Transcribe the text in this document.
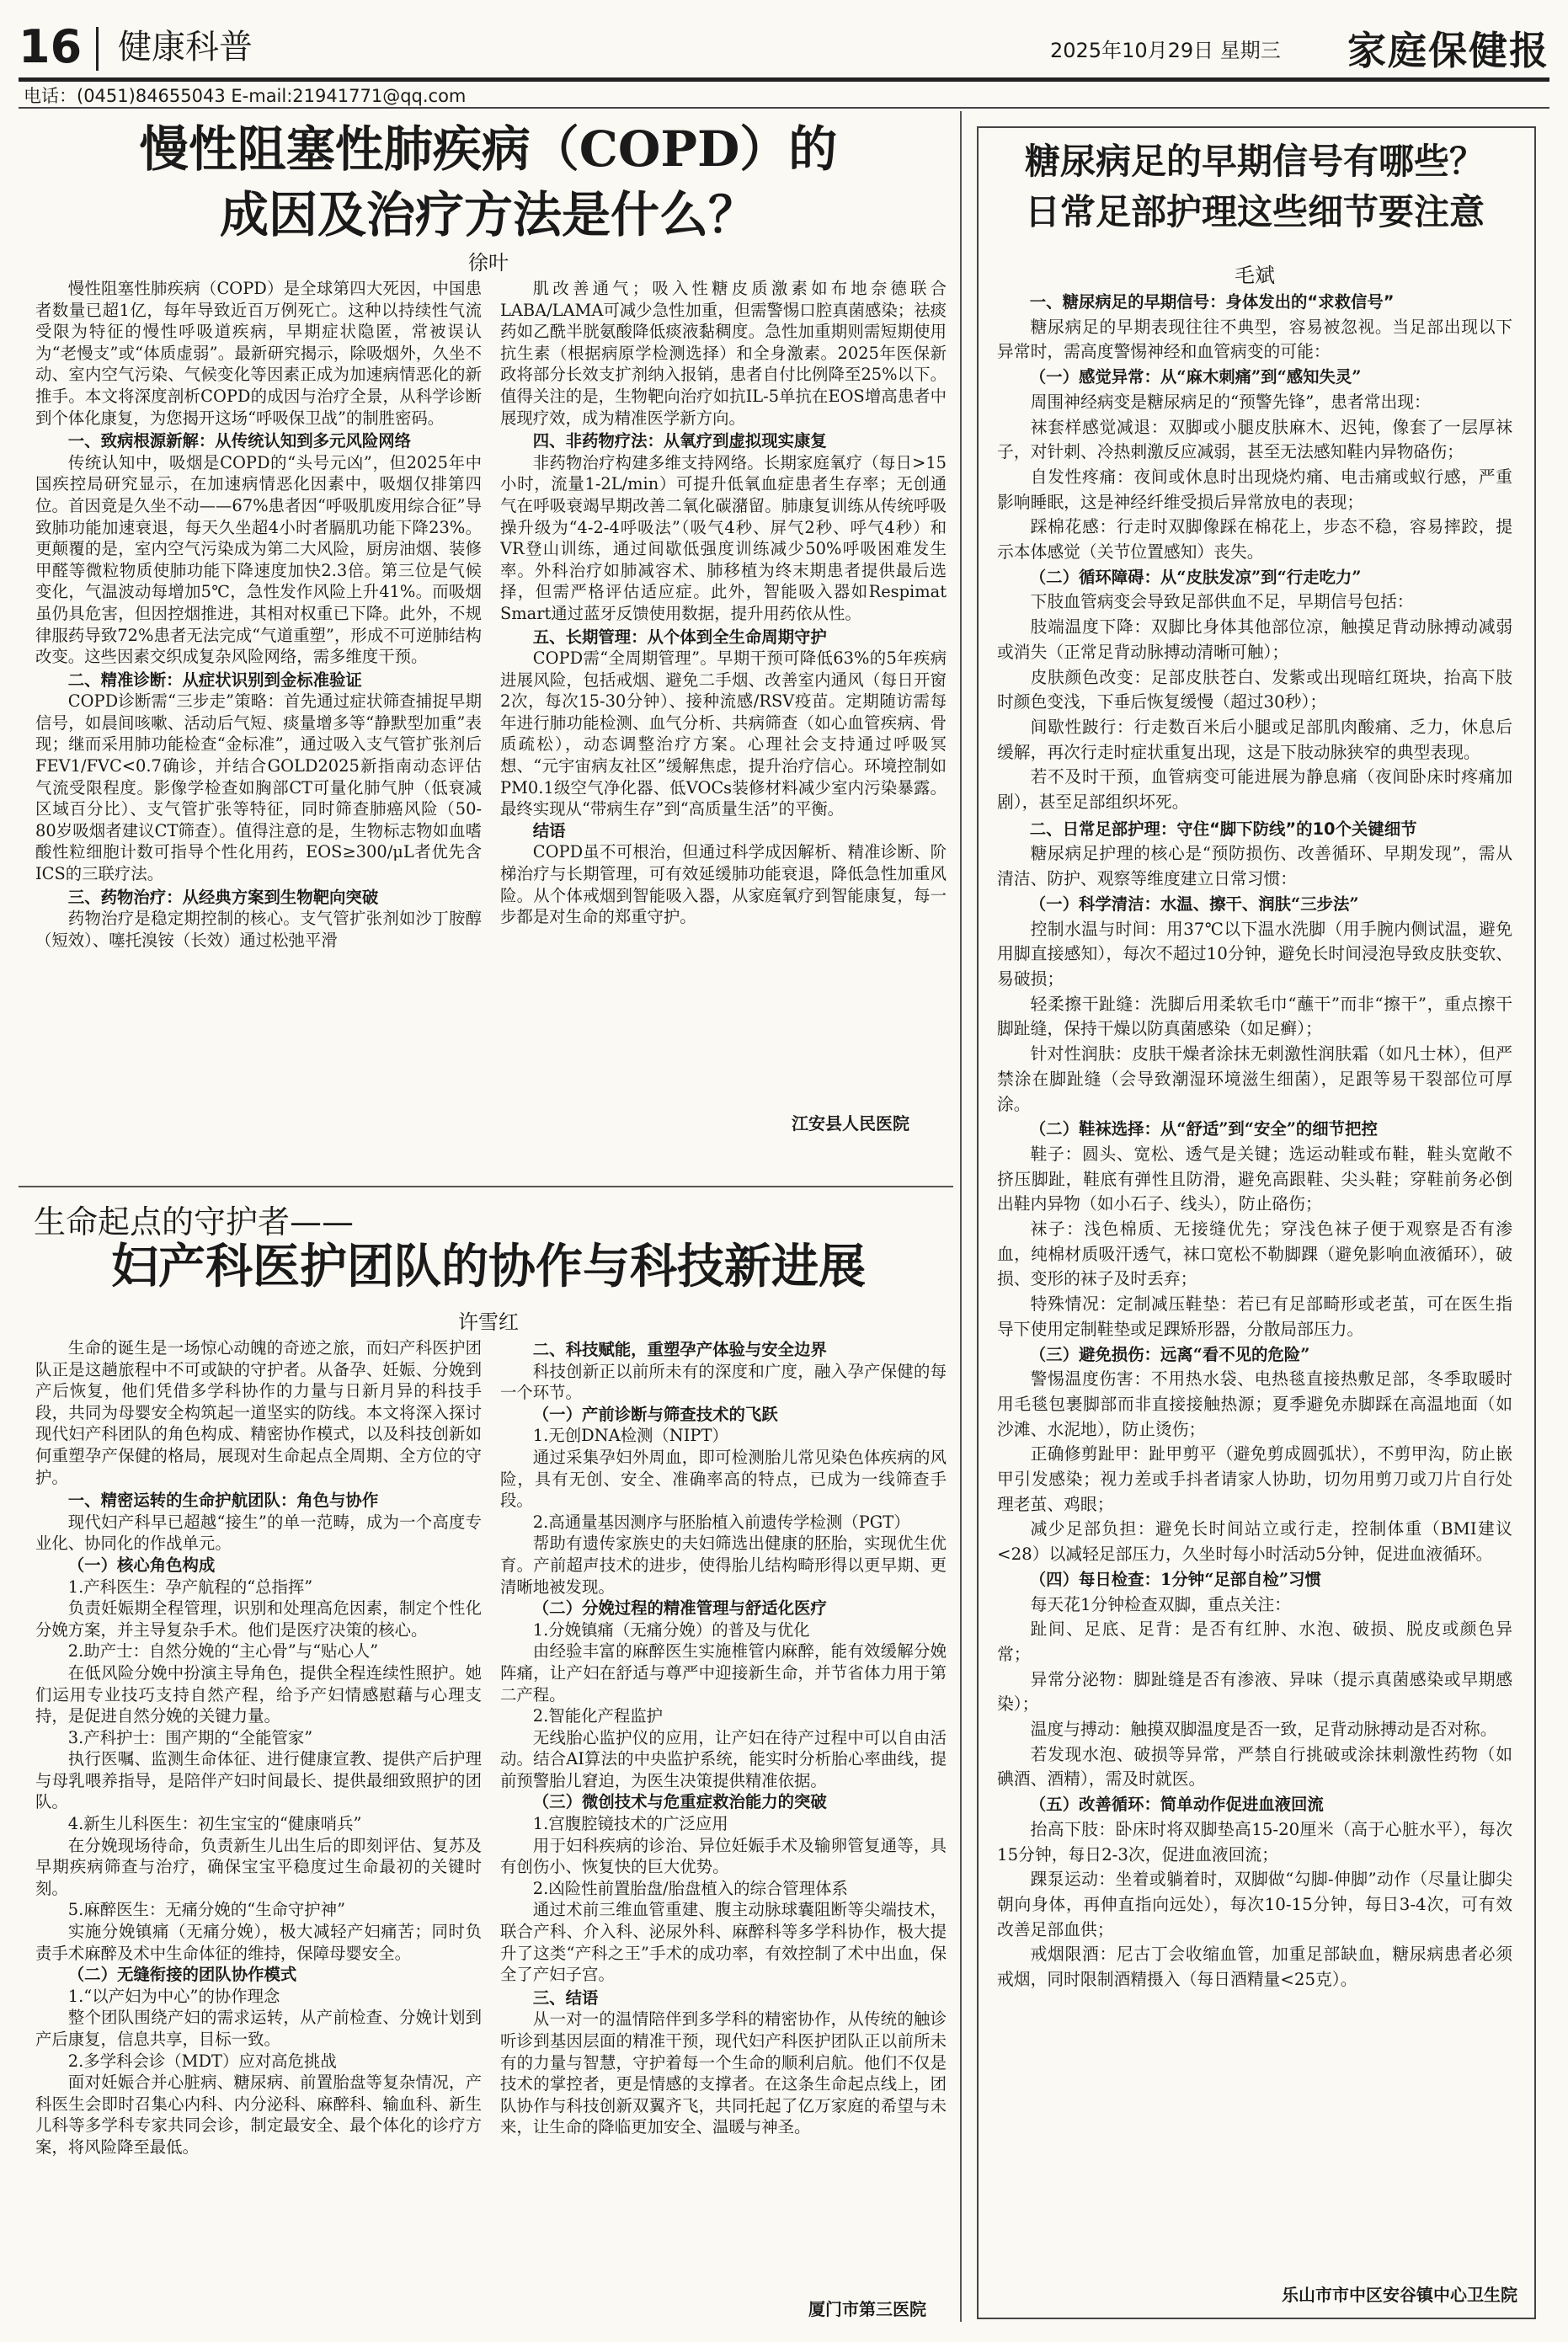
16 健康科普	2025年10月29日 星期三 家庭保健报
电话：(0451)84655043 E-mail:21941771@qq.com
慢性阻塞性肺疾病（COPD）的
成因及治疗方法是什么？
徐叶

慢性阻塞性肺疾病（COPD）是全球第四大死因，中国患者数量已超1亿，每年导致近百万例死亡。这种以持续性气流受限为特征的慢性呼吸道疾病，早期症状隐匿，常被误认为“老慢支”或“体质虚弱”。最新研究揭示，除吸烟外，久坐不动、室内空气污染、气候变化等因素正成为加速病情恶化的新推手。本文将深度剖析COPD的成因与治疗全景，从科学诊断到个体化康复，为您揭开这场“呼吸保卫战”的制胜密码。

一、致病根源新解：从传统认知到多元风险网络

传统认知中，吸烟是COPD的“头号元凶”，但2025年中国疾控局研究显示，在加速病情恶化因素中，吸烟仅排第四位。首因竟是久坐不动——67%患者因“呼吸肌废用综合征”导致肺功能加速衰退，每天久坐超4小时者膈肌功能下降23%。更颠覆的是，室内空气污染成为第二大风险，厨房油烟、装修甲醛等微粒物质使肺功能下降速度加快2.3倍。第三位是气候变化，气温波动每增加5℃，急性发作风险上升41%。而吸烟虽仍具危害，但因控烟推进，其相对权重已下降。此外，不规律服药导致72%患者无法完成“气道重塑”，形成不可逆肺结构改变。这些因素交织成复杂风险网络，需多维度干预。

二、精准诊断：从症状识别到金标准验证

COPD诊断需“三步走”策略：首先通过症状筛查捕捉早期信号，如晨间咳嗽、活动后气短、痰量增多等“静默型加重”表现；继而采用肺功能检查“金标准”，通过吸入支气管扩张剂后FEV1/FVC<0.7确诊，并结合GOLD2025新指南动态评估气流受限程度。影像学检查如胸部CT可量化肺气肿（低衰减区域百分比）、支气管扩张等特征，同时筛查肺癌风险（50-80岁吸烟者建议CT筛查）。值得注意的是，生物标志物如血嗜酸性粒细胞计数可指导个性化用药，EOS≥300/μL者优先含ICS的三联疗法。

三、药物治疗：从经典方案到生物靶向突破

药物治疗是稳定期控制的核心。支气管扩张剂如沙丁胺醇（短效）、噻托溴铵（长效）通过松弛平滑

肌改善通气；吸入性糖皮质激素如布地奈德联合LABA/LAMA可减少急性加重，但需警惕口腔真菌感染；祛痰药如乙酰半胱氨酸降低痰液黏稠度。急性加重期则需短期使用抗生素（根据病原学检测选择）和全身激素。2025年医保新政将部分长效支扩剂纳入报销，患者自付比例降至25%以下。值得关注的是，生物靶向治疗如抗IL-5单抗在EOS增高患者中展现疗效，成为精准医学新方向。

四、非药物疗法：从氧疗到虚拟现实康复

非药物治疗构建多维支持网络。长期家庭氧疗（每日>15小时，流量1-2L/min）可提升低氧血症患者生存率；无创通气在呼吸衰竭早期改善二氧化碳潴留。肺康复训练从传统呼吸操升级为“4-2-4呼吸法”（吸气4秒、屏气2秒、呼气4秒）和VR登山训练，通过间歇低强度训练减少50%呼吸困难发生率。外科治疗如肺减容术、肺移植为终末期患者提供最后选择，但需严格评估适应症。此外，智能吸入器如Respimat Smart通过蓝牙反馈使用数据，提升用药依从性。

五、长期管理：从个体到全生命周期守护

COPD需“全周期管理”。早期干预可降低63%的5年疾病进展风险，包括戒烟、避免二手烟、改善室内通风（每日开窗2次，每次15-30分钟）、接种流感/RSV疫苗。定期随访需每年进行肺功能检测、血气分析、共病筛查（如心血管疾病、骨质疏松），动态调整治疗方案。心理社会支持通过呼吸冥想、“元宇宙病友社区”缓解焦虑，提升治疗信心。环境控制如PM0.1级空气净化器、低VOCs装修材料减少室内污染暴露。最终实现从“带病生存”到“高质量生活”的平衡。

结语

COPD虽不可根治，但通过科学成因解析、精准诊断、阶梯治疗与长期管理，可有效延缓肺功能衰退，降低急性加重风险。从个体戒烟到智能吸入器，从家庭氧疗到智能康复，每一步都是对生命的郑重守护。

江安县人民医院
生命起点的守护者——
妇产科医护团队的协作与科技新进展
许雪红

生命的诞生是一场惊心动魄的奇迹之旅，而妇产科医护团队正是这趟旅程中不可或缺的守护者。从备孕、妊娠、分娩到产后恢复，他们凭借多学科协作的力量与日新月异的科技手段，共同为母婴安全构筑起一道坚实的防线。本文将深入探讨现代妇产科团队的角色构成、精密协作模式，以及科技创新如何重塑孕产保健的格局，展现对生命起点全周期、全方位的守护。

一、精密运转的生命护航团队：角色与协作

现代妇产科早已超越“接生”的单一范畴，成为一个高度专业化、协同化的作战单元。

（一）核心角色构成

1.产科医生：孕产航程的“总指挥”

负责妊娠期全程管理，识别和处理高危因素，制定个性化分娩方案，并主导复杂手术。他们是医疗决策的核心。

2.助产士：自然分娩的“主心骨”与“贴心人”

在低风险分娩中扮演主导角色，提供全程连续性照护。她们运用专业技巧支持自然产程，给予产妇情感慰藉与心理支持，是促进自然分娩的关键力量。

3.产科护士：围产期的“全能管家”

执行医嘱、监测生命体征、进行健康宣教、提供产后护理与母乳喂养指导，是陪伴产妇时间最长、提供最细致照护的团队。

4.新生儿科医生：初生宝宝的“健康哨兵”

在分娩现场待命，负责新生儿出生后的即刻评估、复苏及早期疾病筛查与治疗，确保宝宝平稳度过生命最初的关键时刻。

5.麻醉医生：无痛分娩的“生命守护神”

实施分娩镇痛（无痛分娩），极大减轻产妇痛苦；同时负责手术麻醉及术中生命体征的维持，保障母婴安全。

（二）无缝衔接的团队协作模式

1.“以产妇为中心”的协作理念

整个团队围绕产妇的需求运转，从产前检查、分娩计划到产后康复，信息共享，目标一致。

2.多学科会诊（MDT）应对高危挑战

面对妊娠合并心脏病、糖尿病、前置胎盘等复杂情况，产科医生会即时召集心内科、内分泌科、麻醉科、输血科、新生儿科等多学科专家共同会诊，制定最安全、最个体化的诊疗方案，将风险降至最低。

二、科技赋能，重塑孕产体验与安全边界

科技创新正以前所未有的深度和广度，融入孕产保健的每一个环节。

（一）产前诊断与筛查技术的飞跃

1.无创DNA检测（NIPT）

通过采集孕妇外周血，即可检测胎儿常见染色体疾病的风险，具有无创、安全、准确率高的特点，已成为一线筛查手段。

2.高通量基因测序与胚胎植入前遗传学检测（PGT）

帮助有遗传家族史的夫妇筛选出健康的胚胎，实现优生优育。产前超声技术的进步，使得胎儿结构畸形得以更早期、更清晰地被发现。

（二）分娩过程的精准管理与舒适化医疗

1.分娩镇痛（无痛分娩）的普及与优化

由经验丰富的麻醉医生实施椎管内麻醉，能有效缓解分娩阵痛，让产妇在舒适与尊严中迎接新生命，并节省体力用于第二产程。

2.智能化产程监护

无线胎心监护仪的应用，让产妇在待产过程中可以自由活动。结合AI算法的中央监护系统，能实时分析胎心率曲线，提前预警胎儿窘迫，为医生决策提供精准依据。

（三）微创技术与危重症救治能力的突破

1.宫腹腔镜技术的广泛应用

用于妇科疾病的诊治、异位妊娠手术及输卵管复通等，具有创伤小、恢复快的巨大优势。

2.凶险性前置胎盘/胎盘植入的综合管理体系

通过术前三维血管重建、腹主动脉球囊阻断等尖端技术，联合产科、介入科、泌尿外科、麻醉科等多学科协作，极大提升了这类“产科之王”手术的成功率，有效控制了术中出血，保全了产妇子宫。

三、结语

从一对一的温情陪伴到多学科的精密协作，从传统的触诊听诊到基因层面的精准干预，现代妇产科医护团队正以前所未有的力量与智慧，守护着每一个生命的顺利启航。他们不仅是技术的掌控者，更是情感的支撑者。在这条生命起点线上，团队协作与科技创新双翼齐飞，共同托起了亿万家庭的希望与未来，让生命的降临更加安全、温暖与神圣。

厦门市第三医院
糖尿病足的早期信号有哪些？
日常足部护理这些细节要注意
毛斌
一、糖尿病足的早期信号：身体发出的“求救信号”

糖尿病足的早期表现往往不典型，容易被忽视。当足部出现以下异常时，需高度警惕神经和血管病变的可能：

（一）感觉异常：从“麻木刺痛”到“感知失灵”

周围神经病变是糖尿病足的“预警先锋”，患者常出现：

袜套样感觉减退：双脚或小腿皮肤麻木、迟钝，像套了一层厚袜子，对针刺、冷热刺激反应减弱，甚至无法感知鞋内异物硌伤；

自发性疼痛：夜间或休息时出现烧灼痛、电击痛或蚁行感，严重影响睡眠，这是神经纤维受损后异常放电的表现；

踩棉花感：行走时双脚像踩在棉花上，步态不稳，容易摔跤，提示本体感觉（关节位置感知）丧失。

（二）循环障碍：从“皮肤发凉”到“行走吃力”

下肢血管病变会导致足部供血不足，早期信号包括：

肢端温度下降：双脚比身体其他部位凉，触摸足背动脉搏动减弱或消失（正常足背动脉搏动清晰可触）；

皮肤颜色改变：足部皮肤苍白、发紫或出现暗红斑块，抬高下肢时颜色变浅，下垂后恢复缓慢（超过30秒）；

间歇性跛行：行走数百米后小腿或足部肌肉酸痛、乏力，休息后缓解，再次行走时症状重复出现，这是下肢动脉狭窄的典型表现。

若不及时干预，血管病变可能进展为静息痛（夜间卧床时疼痛加剧），甚至足部组织坏死。

二、日常足部护理：守住“脚下防线”的10个关键细节

糖尿病足护理的核心是“预防损伤、改善循环、早期发现”，需从清洁、防护、观察等维度建立日常习惯：

（一）科学清洁：水温、擦干、润肤“三步法”

控制水温与时间：用37℃以下温水洗脚（用手腕内侧试温，避免用脚直接感知），每次不超过10分钟，避免长时间浸泡导致皮肤变软、易破损；

轻柔擦干趾缝：洗脚后用柔软毛巾“蘸干”而非“擦干”，重点擦干脚趾缝，保持干燥以防真菌感染（如足癣）；

针对性润肤：皮肤干燥者涂抹无刺激性润肤霜（如凡士林），但严禁涂在脚趾缝（会导致潮湿环境滋生细菌），足跟等易干裂部位可厚涂。

（二）鞋袜选择：从“舒适”到“安全”的细节把控

鞋子：圆头、宽松、透气是关键；选运动鞋或布鞋，鞋头宽敞不挤压脚趾，鞋底有弹性且防滑，避免高跟鞋、尖头鞋；穿鞋前务必倒出鞋内异物（如小石子、线头），防止硌伤；

袜子：浅色棉质、无接缝优先；穿浅色袜子便于观察是否有渗血，纯棉材质吸汗透气，袜口宽松不勒脚踝（避免影响血液循环），破损、变形的袜子及时丢弃；

特殊情况：定制减压鞋垫：若已有足部畸形或老茧，可在医生指导下使用定制鞋垫或足踝矫形器，分散局部压力。

（三）避免损伤：远离“看不见的危险”

警惕温度伤害：不用热水袋、电热毯直接热敷足部，冬季取暖时用毛毯包裹脚部而非直接接触热源；夏季避免赤脚踩在高温地面（如沙滩、水泥地），防止烫伤；

正确修剪趾甲：趾甲剪平（避免剪成圆弧状），不剪甲沟，防止嵌甲引发感染；视力差或手抖者请家人协助，切勿用剪刀或刀片自行处理老茧、鸡眼；

减少足部负担：避免长时间站立或行走，控制体重（BMI建议<28）以减轻足部压力，久坐时每小时活动5分钟，促进血液循环。

（四）每日检查：1分钟“足部自检”习惯

每天花1分钟检查双脚，重点关注：

趾间、足底、足背：是否有红肿、水泡、破损、脱皮或颜色异常；

异常分泌物：脚趾缝是否有渗液、异味（提示真菌感染或早期感染）；

温度与搏动：触摸双脚温度是否一致，足背动脉搏动是否对称。

若发现水泡、破损等异常，严禁自行挑破或涂抹刺激性药物（如碘酒、酒精），需及时就医。

（五）改善循环：简单动作促进血液回流

抬高下肢：卧床时将双脚垫高15-20厘米（高于心脏水平），每次15分钟，每日2-3次，促进血液回流；

踝泵运动：坐着或躺着时，双脚做“勾脚-伸脚”动作（尽量让脚尖朝向身体，再伸直指向远处），每次10-15分钟，每日3-4次，可有效改善足部血供；

戒烟限酒：尼古丁会收缩血管，加重足部缺血，糖尿病患者必须戒烟，同时限制酒精摄入（每日酒精量<25克）。

乐山市市中区安谷镇中心卫生院
